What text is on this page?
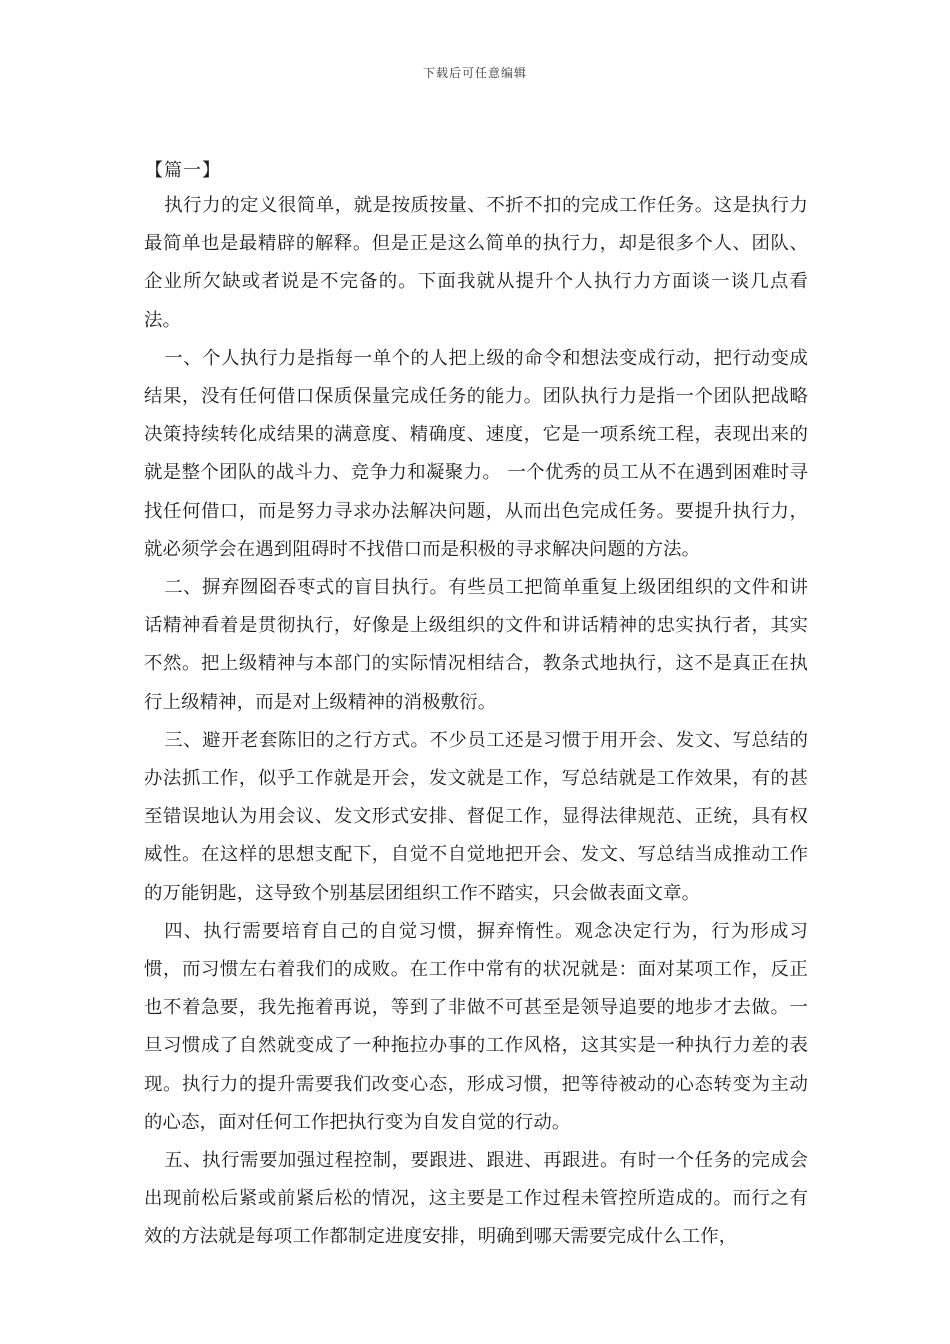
下载后可任意编辑
【篇一】

执行力的定义很简单，就是按质按量、不折不扣的完成工作任务。这是执行力最简单也是最精辟的解释。但是正是这么简单的执行力，却是很多个人、团队、企业所欠缺或者说是不完备的。下面我就从提升个人执行力方面谈一谈几点看法。

一、个人执行力是指每一单个的人把上级的命令和想法变成行动，把行动变成结果，没有任何借口保质保量完成任务的能力。团队执行力是指一个团队把战略决策持续转化成结果的满意度、精确度、速度，它是一项系统工程，表现出来的就是整个团队的战斗力、竞争力和凝聚力。 一个优秀的员工从不在遇到困难时寻找任何借口，而是努力寻求办法解决问题，从而出色完成任务。要提升执行力，就必须学会在遇到阻碍时不找借口而是积极的寻求解决问题的方法。

二、摒弃囫囵吞枣式的盲目执行。有些员工把简单重复上级团组织的文件和讲话精神看着是贯彻执行，好像是上级组织的文件和讲话精神的忠实执行者，其实不然。把上级精神与本部门的实际情况相结合，教条式地执行，这不是真正在执行上级精神，而是对上级精神的消极敷衍。

三、避开老套陈旧的之行方式。不少员工还是习惯于用开会、发文、写总结的办法抓工作，似乎工作就是开会，发文就是工作，写总结就是工作效果，有的甚至错误地认为用会议、发文形式安排、督促工作，显得法律规范、正统，具有权威性。在这样的思想支配下，自觉不自觉地把开会、发文、写总结当成推动工作的万能钥匙，这导致个别基层团组织工作不踏实，只会做表面文章。

四、执行需要培育自己的自觉习惯，摒弃惰性。观念决定行为，行为形成习惯，而习惯左右着我们的成败。在工作中常有的状况就是：面对某项工作，反正也不着急要，我先拖着再说，等到了非做不可甚至是领导追要的地步才去做。一旦习惯成了自然就变成了一种拖拉办事的工作风格，这其实是一种执行力差的表现。执行力的提升需要我们改变心态，形成习惯，把等待被动的心态转变为主动的心态，面对任何工作把执行变为自发自觉的行动。

五、执行需要加强过程控制，要跟进、跟进、再跟进。有时一个任务的完成会出现前松后紧或前紧后松的情况，这主要是工作过程未管控所造成的。而行之有效的方法就是每项工作都制定进度安排，明确到哪天需要完成什么工作，
